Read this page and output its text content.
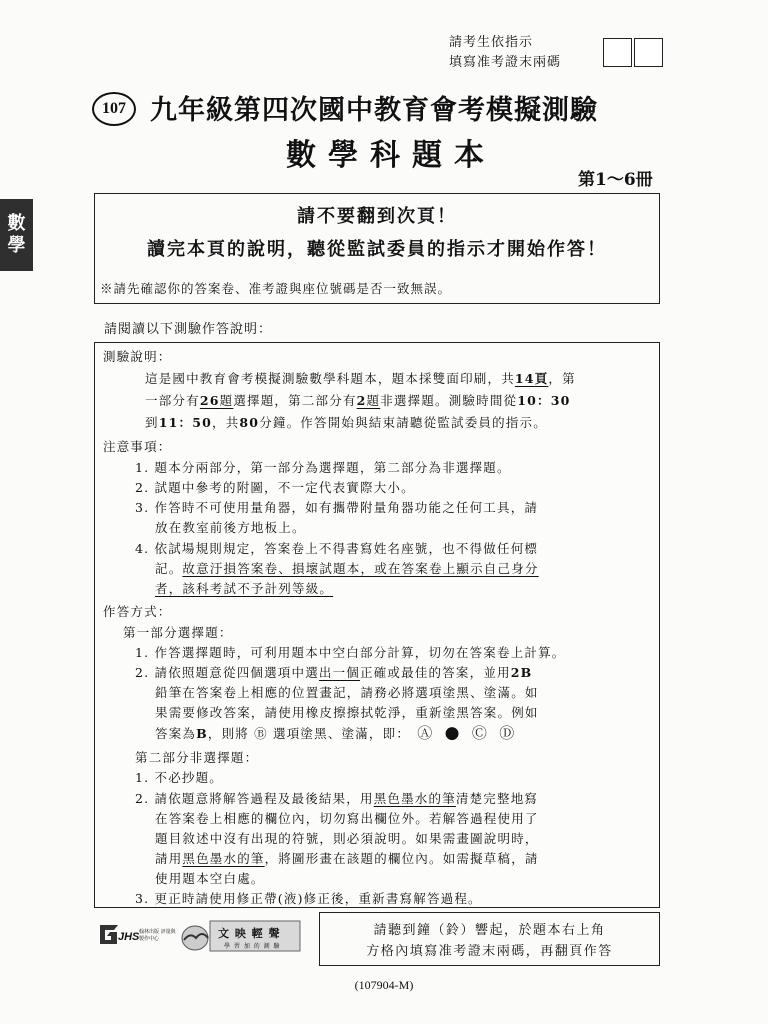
請考生依指示
填寫准考證末兩碼
107 九年級第四次國中教育會考模擬測驗
數學科題本
第1～6冊
數
學
請不要翻到次頁！
讀完本頁的說明，聽從監試委員的指示才開始作答！
※請先確認你的答案卷、准考證與座位號碼是否一致無誤。
請閱讀以下測驗作答說明：
測驗說明：
這是國中教育會考模擬測驗數學科題本，題本採雙面印刷，共14頁，第
一部分有26題選擇題，第二部分有2題非選擇題。測驗時間從10：30
到11：50，共80分鐘。作答開始與結束請聽從監試委員的指示。
注意事項：
1. 題本分兩部分，第一部分為選擇題，第二部分為非選擇題。
2. 試題中參考的附圖，不一定代表實際大小。
3. 作答時不可使用量角器，如有攜帶附量角器功能之任何工具，請
放在教室前後方地板上。
4. 依試場規則規定，答案卷上不得書寫姓名座號，也不得做任何標
記。故意汙損答案卷、損壞試題本，或在答案卷上顯示自己身分
者，該科考試不予計列等級。
作答方式：
第一部分選擇題：
1. 作答選擇題時，可利用題本中空白部分計算，切勿在答案卷上計算。
2. 請依照題意從四個選項中選出一個正確或最佳的答案，並用2B
鉛筆在答案卷上相應的位置畫記，請務必將選項塗黑、塗滿。如
果需要修改答案，請使用橡皮擦擦拭乾淨，重新塗黑答案。例如
答案為B，則將 Ⓑ 選項塗黑、塗滿，即： Ⓐ ● Ⓒ Ⓓ
第二部分非選擇題：
1. 不必抄題。
2. 請依題意將解答過程及最後結果，用黑色墨水的筆清楚完整地寫
在答案卷上相應的欄位內，切勿寫出欄位外。若解答過程使用了
題目敘述中沒有出現的符號，則必須說明。如果需畫圖說明時，
請用黑色墨水的筆，將圖形畫在該題的欄位內。如需擬草稿，請
使用題本空白處。
3. 更正時請使用修正帶(液)修正後，重新書寫解答過程。
JHS 翰林出版 評量與製作中心	文 映 輕 聲
學 習 加 的 測 驗
請聽到鐘（鈴）響起，於題本右上角
方格內填寫准考證末兩碼，再翻頁作答
(107904-M)
